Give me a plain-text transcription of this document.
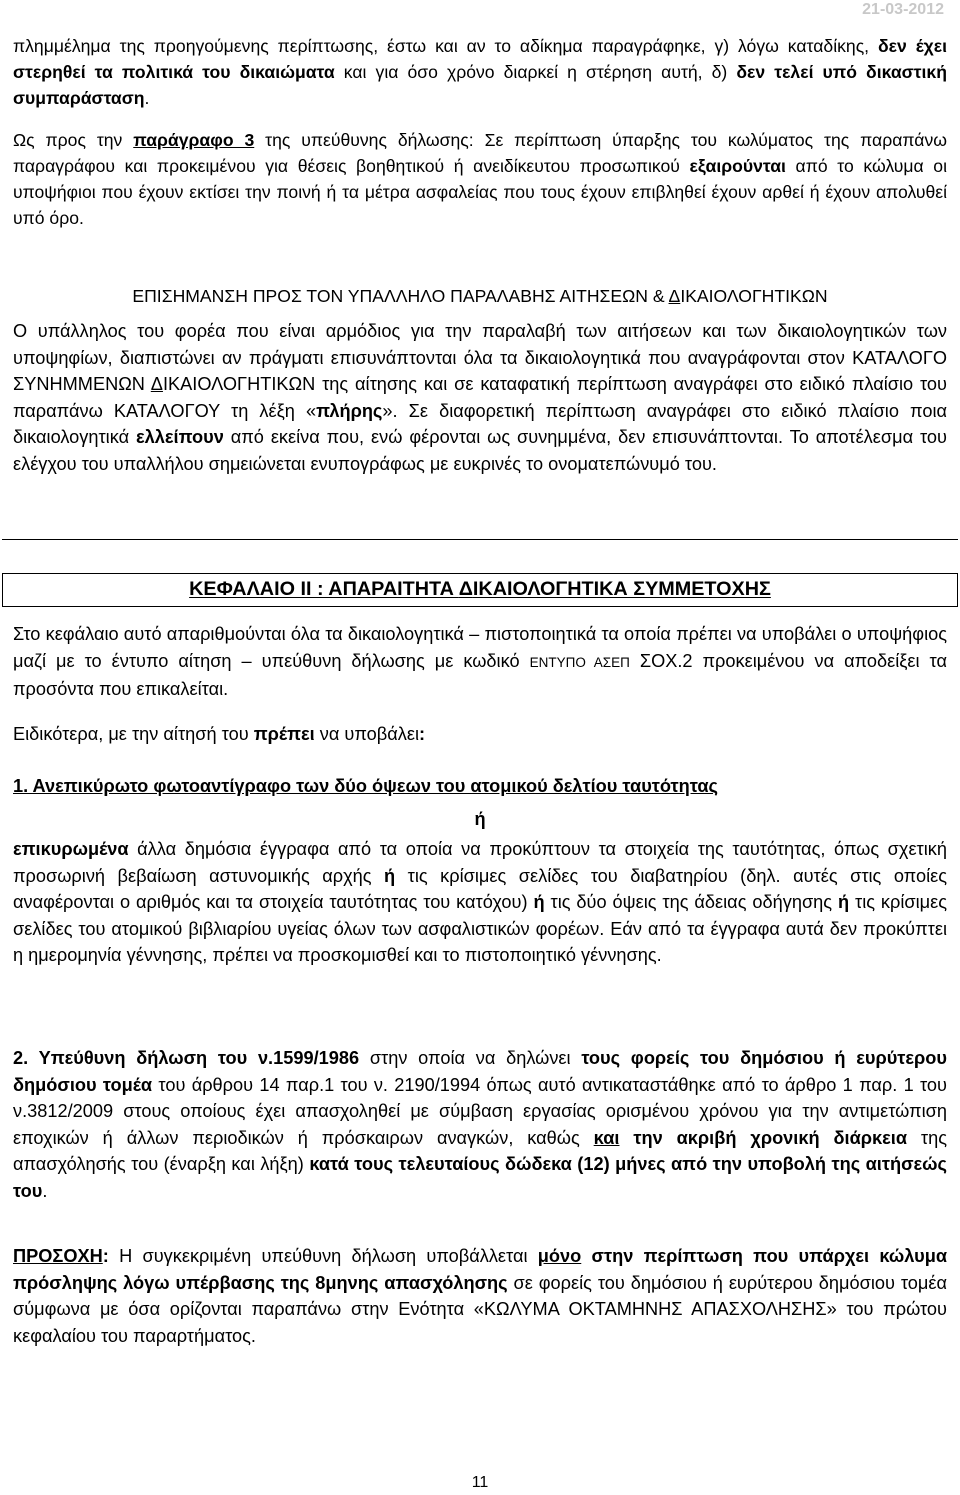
21-03-2012

πλημμέλημα της προηγούμενης περίπτωσης, έστω και αν το αδίκημα παραγράφηκε, γ) λόγω καταδίκης, δεν έχει στερηθεί τα πολιτικά του δικαιώματα και για όσο χρόνο διαρκεί η στέρηση αυτή, δ) δεν τελεί υπό δικαστική συμπαράσταση.

Ως προς την παράγραφο 3 της υπεύθυνης δήλωσης: Σε περίπτωση ύπαρξης του κωλύματος της παραπάνω παραγράφου και προκειμένου για θέσεις βοηθητικού ή ανειδίκευτου προσωπικού εξαιρούνται από το κώλυμα οι υποψήφιοι που έχουν εκτίσει την ποινή ή τα μέτρα ασφαλείας που τους έχουν επιβληθεί έχουν αρθεί ή έχουν απολυθεί υπό όρο.

ΕΠΙΣΗΜΑΝΣΗ ΠΡΟΣ ΤΟΝ ΥΠΑΛΛΗΛΟ ΠΑΡΑΛΑΒΗΣ ΑΙΤΗΣΕΩΝ & ΔΙΚΑΙΟΛΟΓΗΤΙΚΩΝ

Ο υπάλληλος του φορέα που είναι αρμόδιος για την παραλαβή των αιτήσεων και των δικαιολογητικών των υποψηφίων, διαπιστώνει αν πράγματι επισυνάπτονται όλα τα δικαιολογητικά που αναγράφονται στον ΚΑΤΑΛΟΓΟ ΣΥΝΗΜΜΕΝΩΝ ΔΙΚΑΙΟΛΟΓΗΤΙΚΩΝ της αίτησης και σε καταφατική περίπτωση αναγράφει στο ειδικό πλαίσιο του παραπάνω ΚΑΤΑΛΟΓΟΥ τη λέξη «πλήρης». Σε διαφορετική περίπτωση αναγράφει στο ειδικό πλαίσιο ποια δικαιολογητικά ελλείπουν από εκείνα που, ενώ φέρονται ως συνημμένα, δεν επισυνάπτονται. Το αποτέλεσμα του ελέγχου του υπαλλήλου σημειώνεται ενυπογράφως με ευκρινές το ονοματεπώνυμό του.

ΚΕΦΑΛΑΙΟ ΙΙ : ΑΠΑΡΑΙΤΗΤΑ ΔΙΚΑΙΟΛΟΓΗΤΙΚΑ ΣΥΜΜΕΤΟΧΗΣ

Στο κεφάλαιο αυτό απαριθμούνται όλα τα δικαιολογητικά – πιστοποιητικά τα οποία πρέπει να υποβάλει ο υποψήφιος μαζί με το έντυπο αίτηση – υπεύθυνη δήλωσης με κωδικό ΕΝΤΥΠΟ ΑΣΕΠ ΣΟΧ.2 προκειμένου να αποδείξει τα προσόντα που επικαλείται.

Ειδικότερα, με την αίτησή του πρέπει να υποβάλει:

1. Ανεπικύρωτο φωτοαντίγραφο των δύο όψεων του ατομικού δελτίου ταυτότητας

ή

επικυρωμένα άλλα δημόσια έγγραφα από τα οποία να προκύπτουν τα στοιχεία της ταυτότητας, όπως σχετική προσωρινή βεβαίωση αστυνομικής αρχής ή τις κρίσιμες σελίδες του διαβατηρίου (δηλ. αυτές στις οποίες αναφέρονται ο αριθμός και τα στοιχεία ταυτότητας του κατόχου) ή τις δύο όψεις της άδειας οδήγησης ή τις κρίσιμες σελίδες του ατομικού βιβλιαρίου υγείας όλων των ασφαλιστικών φορέων. Εάν από τα έγγραφα αυτά δεν προκύπτει η ημερομηνία γέννησης, πρέπει να προσκομισθεί και το πιστοποιητικό γέννησης.

2. Υπεύθυνη δήλωση του ν.1599/1986 στην οποία να δηλώνει τους φορείς του δημόσιου ή ευρύτερου δημόσιου τομέα του άρθρου 14 παρ.1 του ν. 2190/1994 όπως αυτό αντικαταστάθηκε από το άρθρο 1 παρ. 1 του ν.3812/2009 στους οποίους έχει απασχοληθεί με σύμβαση εργασίας ορισμένου χρόνου για την αντιμετώπιση εποχικών ή άλλων περιοδικών ή πρόσκαιρων αναγκών, καθώς και την ακριβή χρονική διάρκεια της απασχόλησής του (έναρξη και λήξη) κατά τους τελευταίους δώδεκα (12) μήνες από την υποβολή της αιτήσεώς του.

ΠΡΟΣΟΧΗ: Η συγκεκριμένη υπεύθυνη δήλωση υποβάλλεται μόνο στην περίπτωση που υπάρχει κώλυμα πρόσληψης λόγω υπέρβασης της 8μηνης απασχόλησης σε φορείς του δημόσιου ή ευρύτερου δημόσιου τομέα σύμφωνα με όσα ορίζονται παραπάνω στην Ενότητα «ΚΩΛΥΜΑ ΟΚΤΑΜΗΝΗΣ ΑΠΑΣΧΟΛΗΣΗΣ» του πρώτου κεφαλαίου του παραρτήματος.

11
